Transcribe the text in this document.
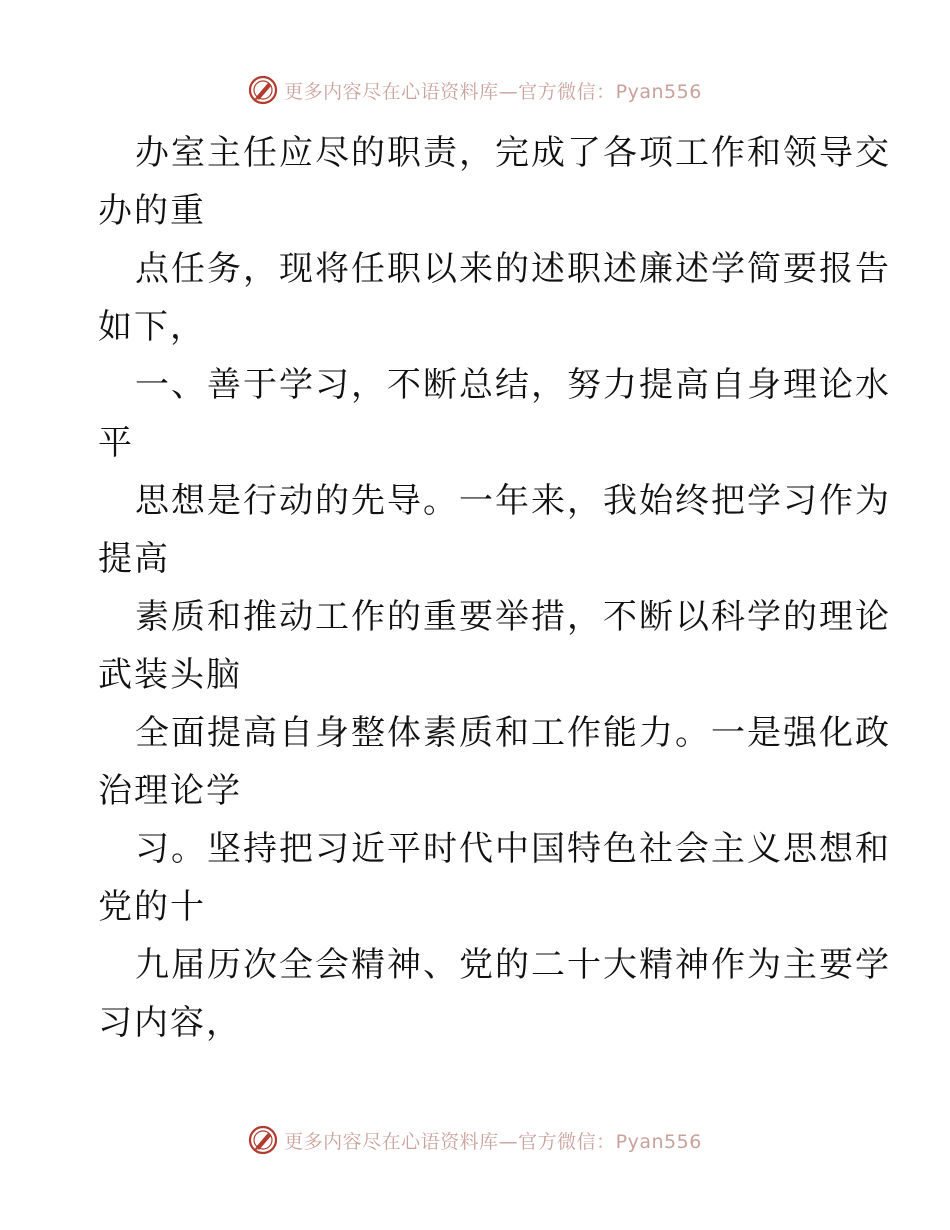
更多内容尽在心语资料库—官方微信：Pyan556
办室主任应尽的职责，完成了各项工作和领导交
办的重
点任务，现将任职以来的述职述廉述学简要报告
如下，
一、善于学习，不断总结，努力提高自身理论水
平
思想是行动的先导。一年来，我始终把学习作为
提高
素质和推动工作的重要举措，不断以科学的理论
武装头脑
全面提高自身整体素质和工作能力。一是强化政
治理论学
习。坚持把习近平时代中国特色社会主义思想和
党的十
九届历次全会精神、党的二十大精神作为主要学
习内容，
更多内容尽在心语资料库—官方微信：Pyan556
